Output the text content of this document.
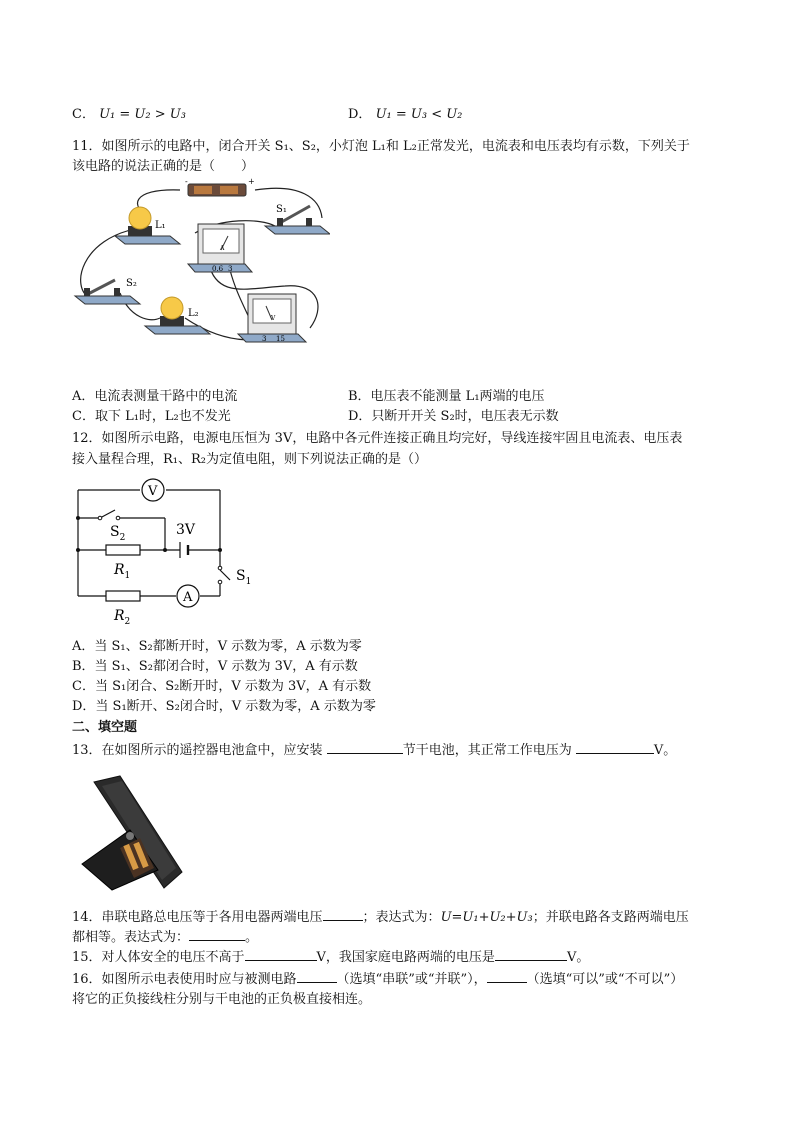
C． U₁ = U₂ > U₃	D． U₁ = U₃ < U₂
11．如图所示的电路中，闭合开关 S₁、S₂，小灯泡 L₁和 L₂正常发光，电流表和电压表均有示数，下列关于
该电路的说法正确的是（　　）
-	+
L₁
S₁
A
0.6 3
S₂
L₂	V
3 15
A．电流表测量干路中的电流	B．电压表不能测量 L₁两端的电压
C．取下 L₁时，L₂也不发光	D．只断开开关 S₂时，电压表无示数
12．如图所示电路，电源电压恒为 3V，电路中各元件连接正确且均完好，导线连接牢固且电流表、电压表
接入量程合理，R₁、R₂为定值电阻，则下列说法正确的是（）
3V
V
A
$S_2$
$R_1$
$R_2$
$S_1$
A．当 S₁、S₂都断开时，V 示数为零，A 示数为零
B．当 S₁、S₂都闭合时，V 示数为 3V，A 有示数
C．当 S₁闭合、S₂断开时，V 示数为 3V，A 有示数
D．当 S₁断开、S₂闭合时，V 示数为零，A 示数为零
二、填空题
13．在如图所示的遥控器电池盒中，应安装	节干电池，其正常工作电压为	V。
14．串联电路总电压等于各用电器两端电压	；表达式为：U=U₁+U₂+U₃；并联电路各支路两端电压
都相等。表达式为：	。
15．对人体安全的电压不高于	V，我国家庭电路两端的电压是	V。
16．如图所示电表使用时应与被测电路	（选填“串联”或“并联”），	（选填“可以”或“不可以”）
将它的正负接线柱分别与干电池的正负极直接相连。
